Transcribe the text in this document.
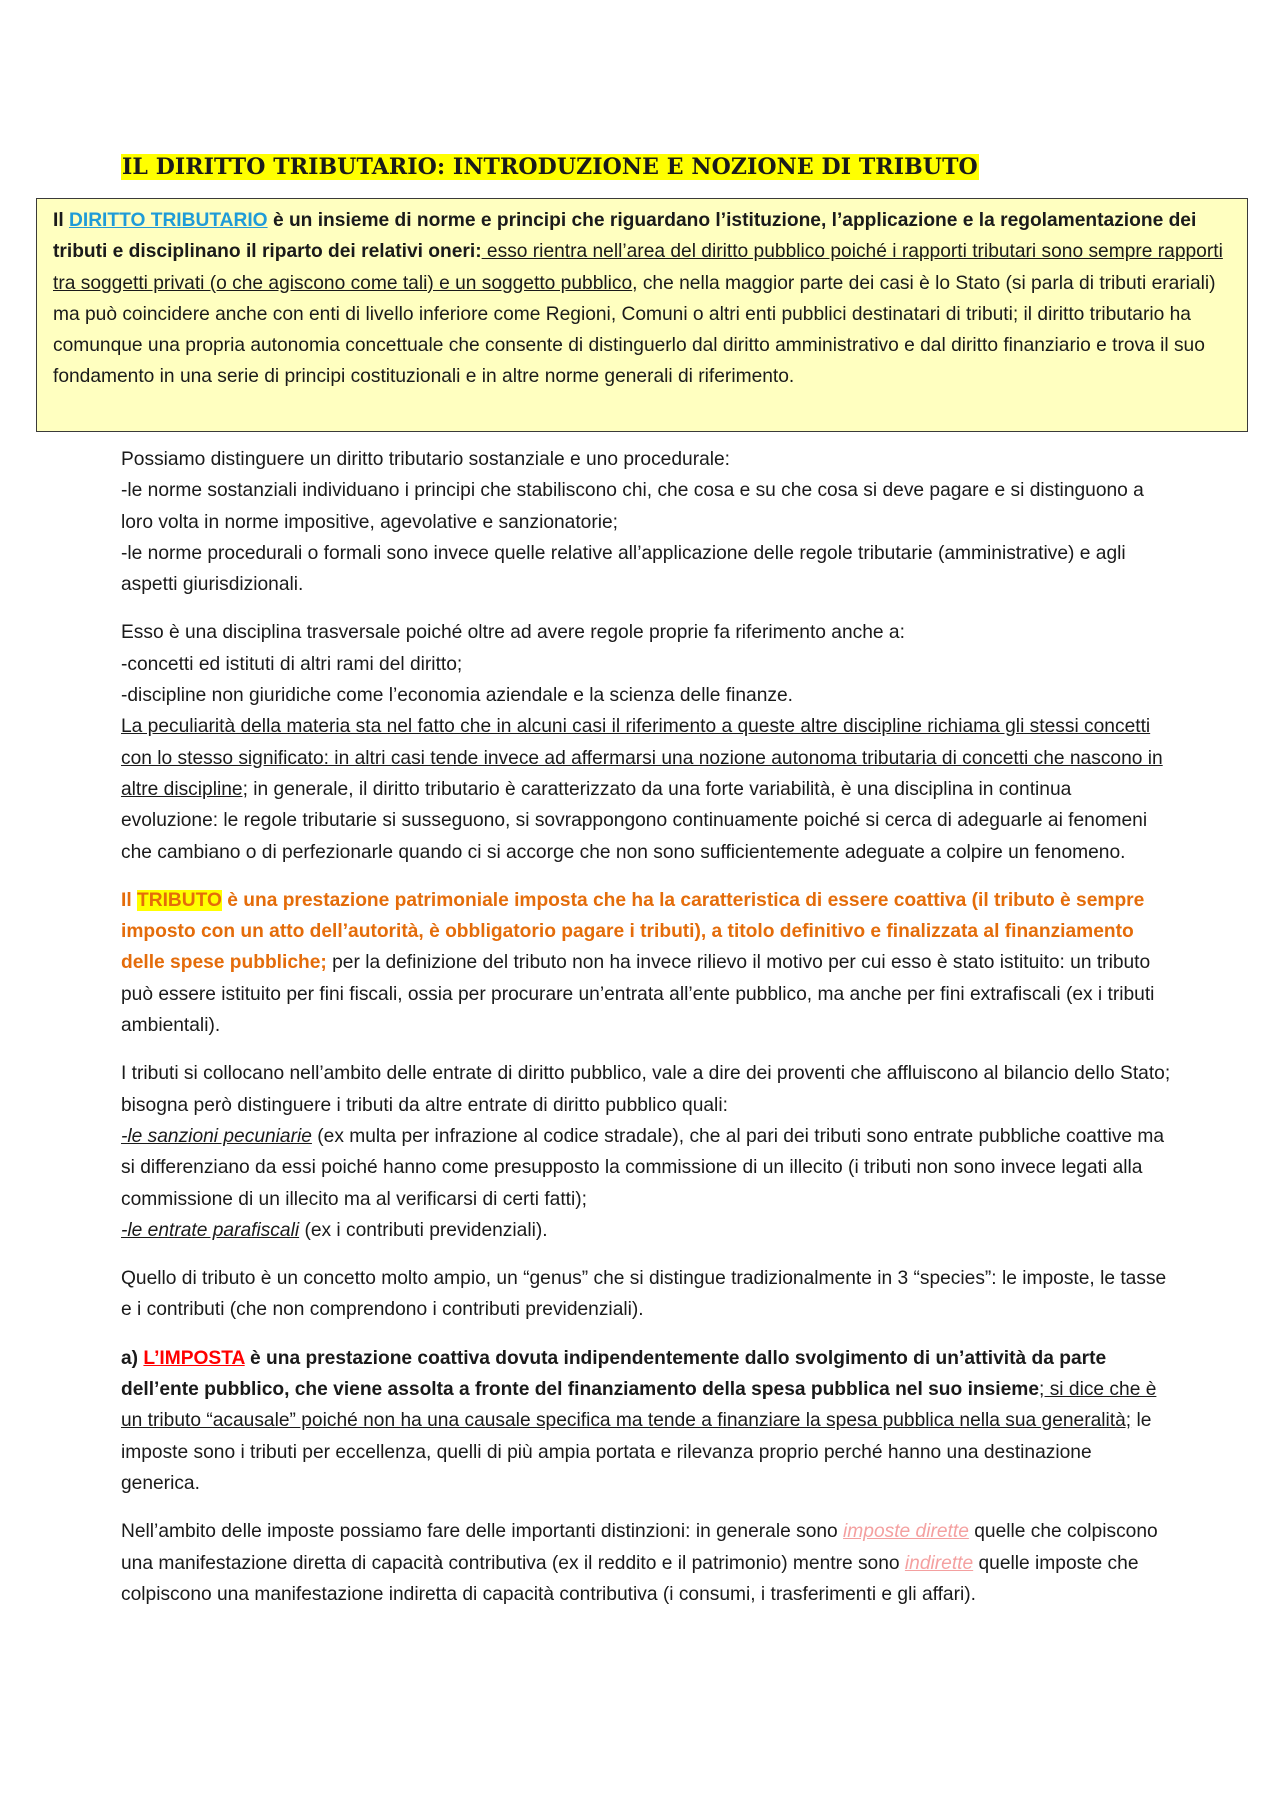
IL DIRITTO TRIBUTARIO: INTRODUZIONE E NOZIONE DI TRIBUTO
Il DIRITTO TRIBUTARIO è un insieme di norme e principi che riguardano l’istituzione, l’applicazione e la regolamentazione dei tributi e disciplinano il riparto dei relativi oneri: esso rientra nell’area del diritto pubblico poiché i rapporti tributari sono sempre rapporti tra soggetti privati (o che agiscono come tali) e un soggetto pubblico, che nella maggior parte dei casi è lo Stato (si parla di tributi erariali) ma può coincidere anche con enti di livello inferiore come Regioni, Comuni o altri enti pubblici destinatari di tributi; il diritto tributario ha comunque una propria autonomia concettuale che consente di distinguerlo dal diritto amministrativo e dal diritto finanziario e trova il suo fondamento in una serie di principi costituzionali e in altre norme generali di riferimento.

Possiamo distinguere un diritto tributario sostanziale e uno procedurale:
-le norme sostanziali individuano i principi che stabiliscono chi, che cosa e su che cosa si deve pagare e si distinguono a loro volta in norme impositive, agevolative e sanzionatorie;
-le norme procedurali o formali sono invece quelle relative all’applicazione delle regole tributarie (amministrative) e agli aspetti giurisdizionali.

Esso è una disciplina trasversale poiché oltre ad avere regole proprie fa riferimento anche a:
-concetti ed istituti di altri rami del diritto;
-discipline non giuridiche come l’economia aziendale e la scienza delle finanze.
La peculiarità della materia sta nel fatto che in alcuni casi il riferimento a queste altre discipline richiama gli stessi concetti con lo stesso significato: in altri casi tende invece ad affermarsi una nozione autonoma tributaria di concetti che nascono in altre discipline; in generale, il diritto tributario è caratterizzato da una forte variabilità, è una disciplina in continua evoluzione: le regole tributarie si susseguono, si sovrappongono continuamente poiché si cerca di adeguarle ai fenomeni che cambiano o di perfezionarle quando ci si accorge che non sono sufficientemente adeguate a colpire un fenomeno.

Il TRIBUTO è una prestazione patrimoniale imposta che ha la caratteristica di essere coattiva (il tributo è sempre imposto con un atto dell’autorità, è obbligatorio pagare i tributi), a titolo definitivo e finalizzata al finanziamento delle spese pubbliche; per la definizione del tributo non ha invece rilievo il motivo per cui esso è stato istituito: un tributo può essere istituito per fini fiscali, ossia per procurare un’entrata all’ente pubblico, ma anche per fini extrafiscali (ex i tributi ambientali).

I tributi si collocano nell’ambito delle entrate di diritto pubblico, vale a dire dei proventi che affluiscono al bilancio dello Stato; bisogna però distinguere i tributi da altre entrate di diritto pubblico quali:
-le sanzioni pecuniarie (ex multa per infrazione al codice stradale), che al pari dei tributi sono entrate pubbliche coattive ma si differenziano da essi poiché hanno come presupposto la commissione di un illecito (i tributi non sono invece legati alla commissione di un illecito ma al verificarsi di certi fatti);
-le entrate parafiscali (ex i contributi previdenziali).

Quello di tributo è un concetto molto ampio, un “genus” che si distingue tradizionalmente in 3 “species”: le imposte, le tasse e i contributi (che non comprendono i contributi previdenziali).

a) L’IMPOSTA è una prestazione coattiva dovuta indipendentemente dallo svolgimento di un’attività da parte dell’ente pubblico, che viene assolta a fronte del finanziamento della spesa pubblica nel suo insieme; si dice che è un tributo “acausale” poiché non ha una causale specifica ma tende a finanziare la spesa pubblica nella sua generalità; le imposte sono i tributi per eccellenza, quelli di più ampia portata e rilevanza proprio perché hanno una destinazione generica.

Nell’ambito delle imposte possiamo fare delle importanti distinzioni: in generale sono imposte dirette quelle che colpiscono una manifestazione diretta di capacità contributiva (ex il reddito e il patrimonio) mentre sono indirette quelle imposte che colpiscono una manifestazione indiretta di capacità contributiva (i consumi, i trasferimenti e gli affari).
